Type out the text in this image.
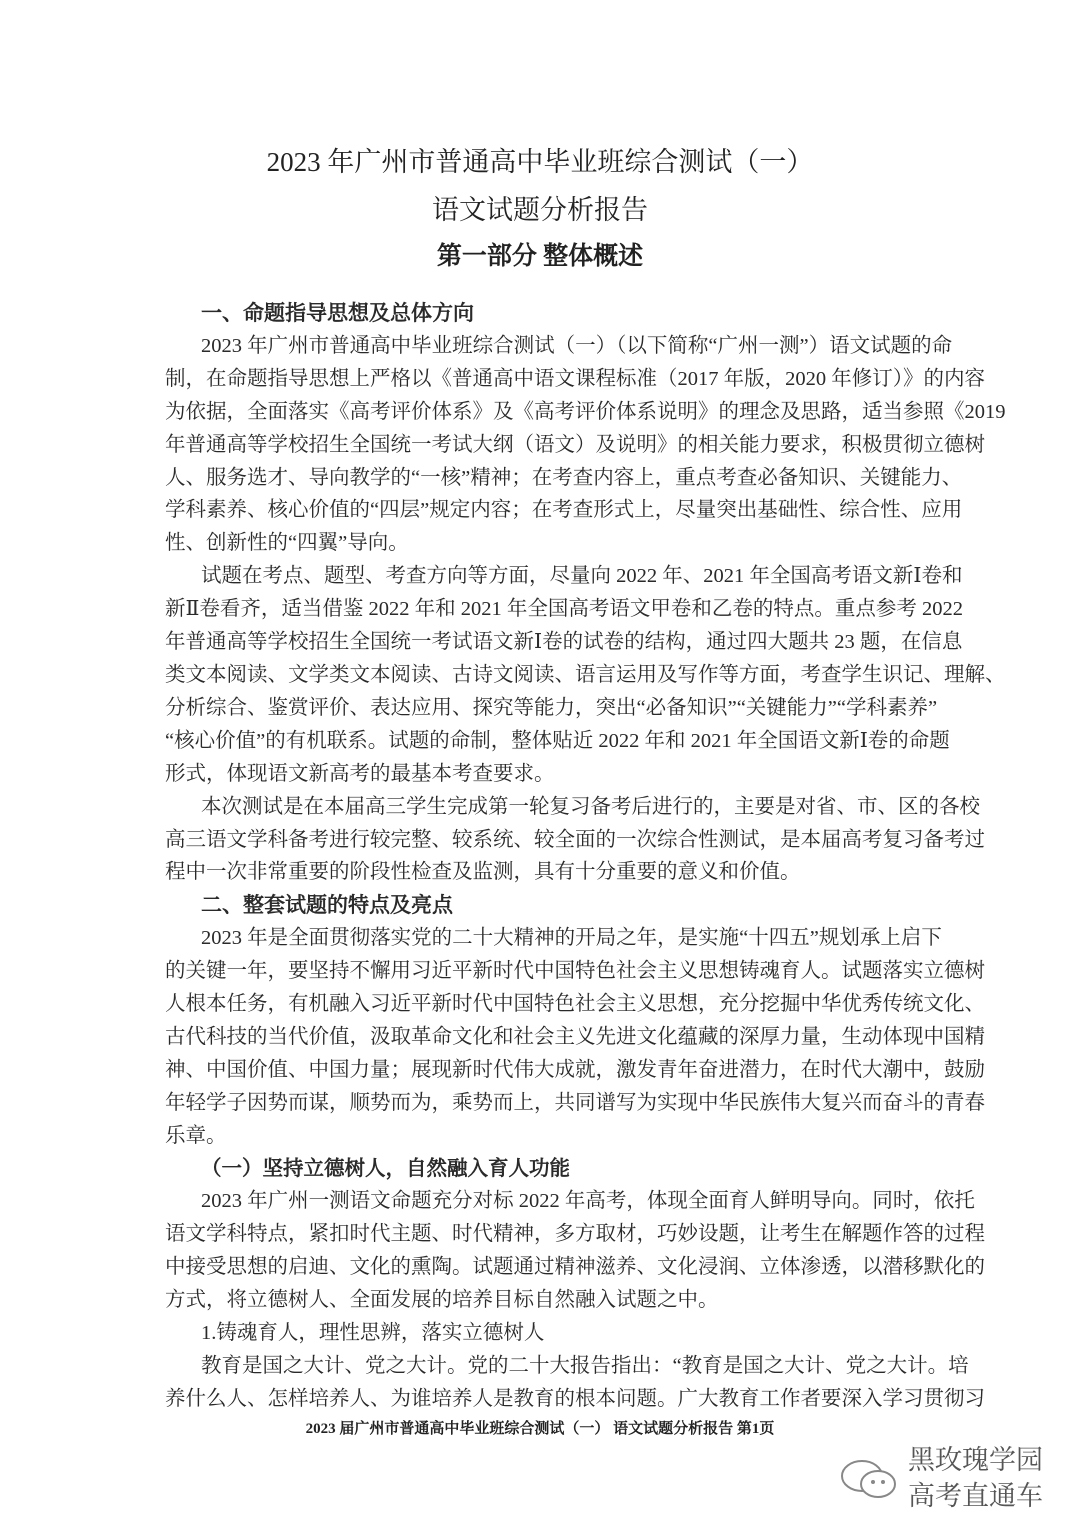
2023 年广州市普通高中毕业班综合测试（一）
语文试题分析报告
第一部分 整体概述
一、命题指导思想及总体方向
2023 年广州市普通高中毕业班综合测试（一）（以下简称“广州一测”）语文试题的命
制，在命题指导思想上严格以《普通高中语文课程标准（2017 年版，2020 年修订）》的内容
为依据，全面落实《高考评价体系》及《高考评价体系说明》的理念及思路，适当参照《2019
年普通高等学校招生全国统一考试大纲（语文）及说明》的相关能力要求，积极贯彻立德树
人、服务选才、导向教学的“一核”精神；在考查内容上，重点考查必备知识、关键能力、
学科素养、核心价值的“四层”规定内容；在考查形式上，尽量突出基础性、综合性、应用
性、创新性的“四翼”导向。
试题在考点、题型、考查方向等方面，尽量向 2022 年、2021 年全国高考语文新Ⅰ卷和
新Ⅱ卷看齐，适当借鉴 2022 年和 2021 年全国高考语文甲卷和乙卷的特点。重点参考 2022
年普通高等学校招生全国统一考试语文新Ⅰ卷的试卷的结构，通过四大题共 23 题，在信息
类文本阅读、文学类文本阅读、古诗文阅读、语言运用及写作等方面，考查学生识记、理解、
分析综合、鉴赏评价、表达应用、探究等能力，突出“必备知识”“关键能力”“学科素养”
“核心价值”的有机联系。试题的命制，整体贴近 2022 年和 2021 年全国语文新Ⅰ卷的命题
形式，体现语文新高考的最基本考查要求。
本次测试是在本届高三学生完成第一轮复习备考后进行的，主要是对省、市、区的各校
高三语文学科备考进行较完整、较系统、较全面的一次综合性测试，是本届高考复习备考过
程中一次非常重要的阶段性检查及监测，具有十分重要的意义和价值。
二、整套试题的特点及亮点
2023 年是全面贯彻落实党的二十大精神的开局之年，是实施“十四五”规划承上启下
的关键一年，要坚持不懈用习近平新时代中国特色社会主义思想铸魂育人。试题落实立德树
人根本任务，有机融入习近平新时代中国特色社会主义思想，充分挖掘中华优秀传统文化、
古代科技的当代价值，汲取革命文化和社会主义先进文化蕴藏的深厚力量，生动体现中国精
神、中国价值、中国力量；展现新时代伟大成就，激发青年奋进潜力，在时代大潮中，鼓励
年轻学子因势而谋，顺势而为，乘势而上，共同谱写为实现中华民族伟大复兴而奋斗的青春
乐章。
（一）坚持立德树人，自然融入育人功能
2023 年广州一测语文命题充分对标 2022 年高考，体现全面育人鲜明导向。同时，依托
语文学科特点，紧扣时代主题、时代精神，多方取材，巧妙设题，让考生在解题作答的过程
中接受思想的启迪、文化的熏陶。试题通过精神滋养、文化浸润、立体渗透，以潜移默化的
方式，将立德树人、全面发展的培养目标自然融入试题之中。
1.铸魂育人，理性思辨，落实立德树人
教育是国之大计、党之大计。党的二十大报告指出：“教育是国之大计、党之大计。培
养什么人、怎样培养人、为谁培养人是教育的根本问题。广大教育工作者要深入学习贯彻习
2023 届广州市普通高中毕业班综合测试（一） 语文试题分析报告 第1页
黑玫瑰学园
高考直通车
